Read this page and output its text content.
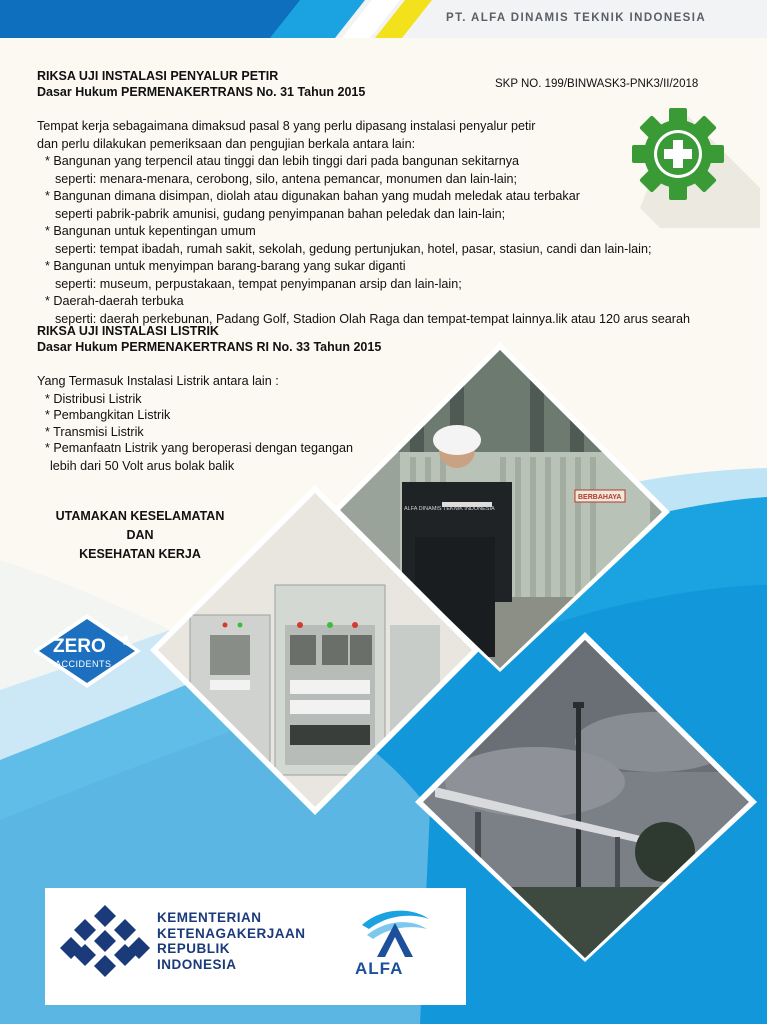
PT. ALFA DINAMIS TEKNIK INDONESIA
SKP NO. 199/BINWASK3-PNK3/II/2018
RIKSA UJI INSTALASI PENYALUR PETIR
Dasar Hukum PERMENAKERTRANS No. 31 Tahun 2015
Tempat kerja sebagaimana dimaksud pasal 8 yang perlu dipasang instalasi penyalur petir
dan perlu dilakukan pemeriksaan dan pengujian berkala antara lain:
* Bangunan yang terpencil atau tinggi dan lebih tinggi dari pada bangunan sekitarnya
seperti: menara-menara, cerobong, silo, antena pemancar, monumen dan lain-lain;
* Bangunan dimana disimpan, diolah atau digunakan bahan yang mudah meledak atau terbakar
seperti pabrik-pabrik amunisi, gudang penyimpanan bahan peledak dan lain-lain;
* Bangunan untuk kepentingan umum
seperti: tempat ibadah, rumah sakit, sekolah, gedung pertunjukan, hotel, pasar, stasiun, candi dan lain-lain;
* Bangunan untuk menyimpan barang-barang yang sukar diganti
seperti: museum, perpustakaan, tempat penyimpanan arsip dan lain-lain;
* Daerah-daerah terbuka
seperti: daerah perkebunan, Padang Golf, Stadion Olah Raga dan tempat-tempat lainnya.lik atau 120 arus searah
RIKSA UJI INSTALASI LISTRIK
Dasar Hukum PERMENAKERTRANS RI No. 33 Tahun 2015
Yang Termasuk Instalasi Listrik antara lain :
* Distribusi Listrik
* Pembangkitan Listrik
* Transmisi Listrik
* Pemanfaatn Listrik yang beroperasi dengan tegangan
lebih dari 50 Volt arus bolak balik
UTAMAKAN KESELAMATAN
DAN
KESEHATAN KERJA
ZERO
ACCIDENTS
BERBAHAYA
ALFA DINAMIS TEKNIK INDONESIA
KEMENTERIAN
KETENAGAKERJAAN
REPUBLIK
INDONESIA	ALFA
